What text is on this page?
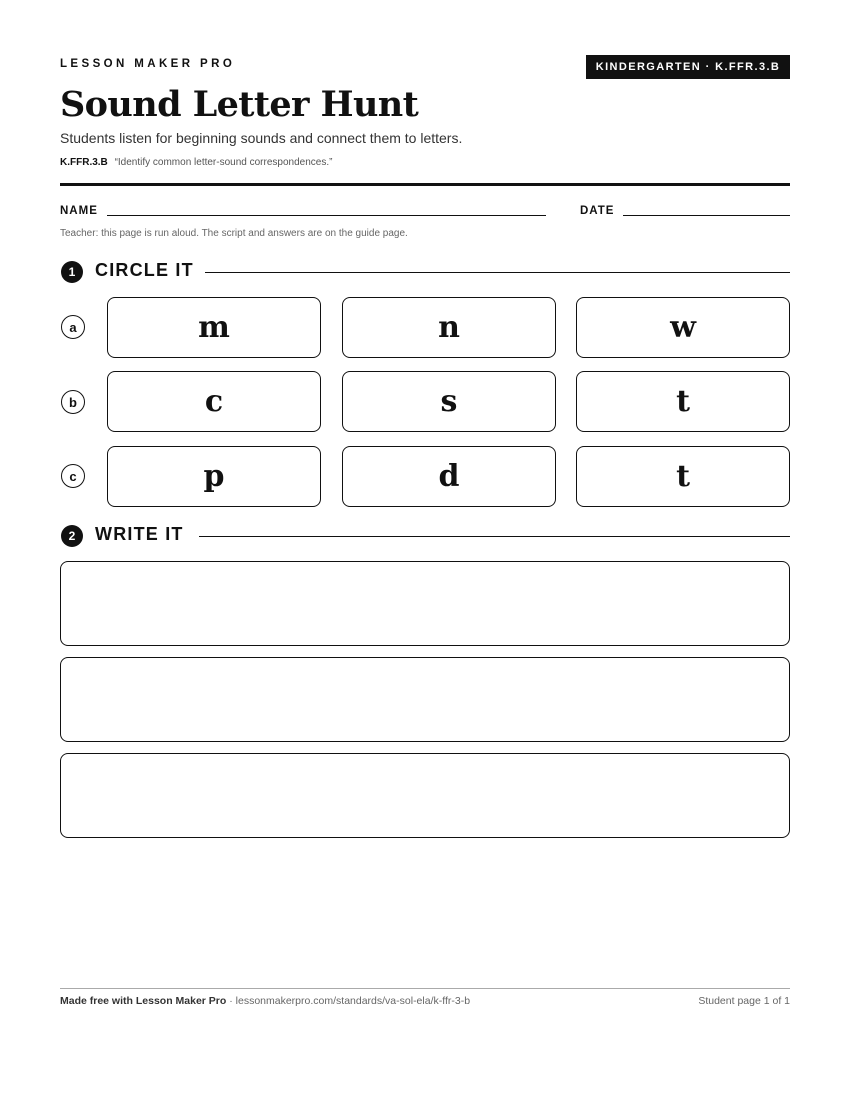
LESSON MAKER PRO	KINDERGARTEN · K.FFR.3.B
Sound Letter Hunt
Students listen for beginning sounds and connect them to letters.
K.FFR.3.B “Identify common letter-sound correspondences.”
NAME	DATE
Teacher: this page is run aloud. The script and answers are on the guide page.
1	CIRCLE IT
a	m	n	w
b	c	s	t
c	p	d	t
2	WRITE IT
Made free with Lesson Maker Pro · lessonmakerpro.com/standards/va-sol-ela/k-ffr-3-b	Student page 1 of 1
